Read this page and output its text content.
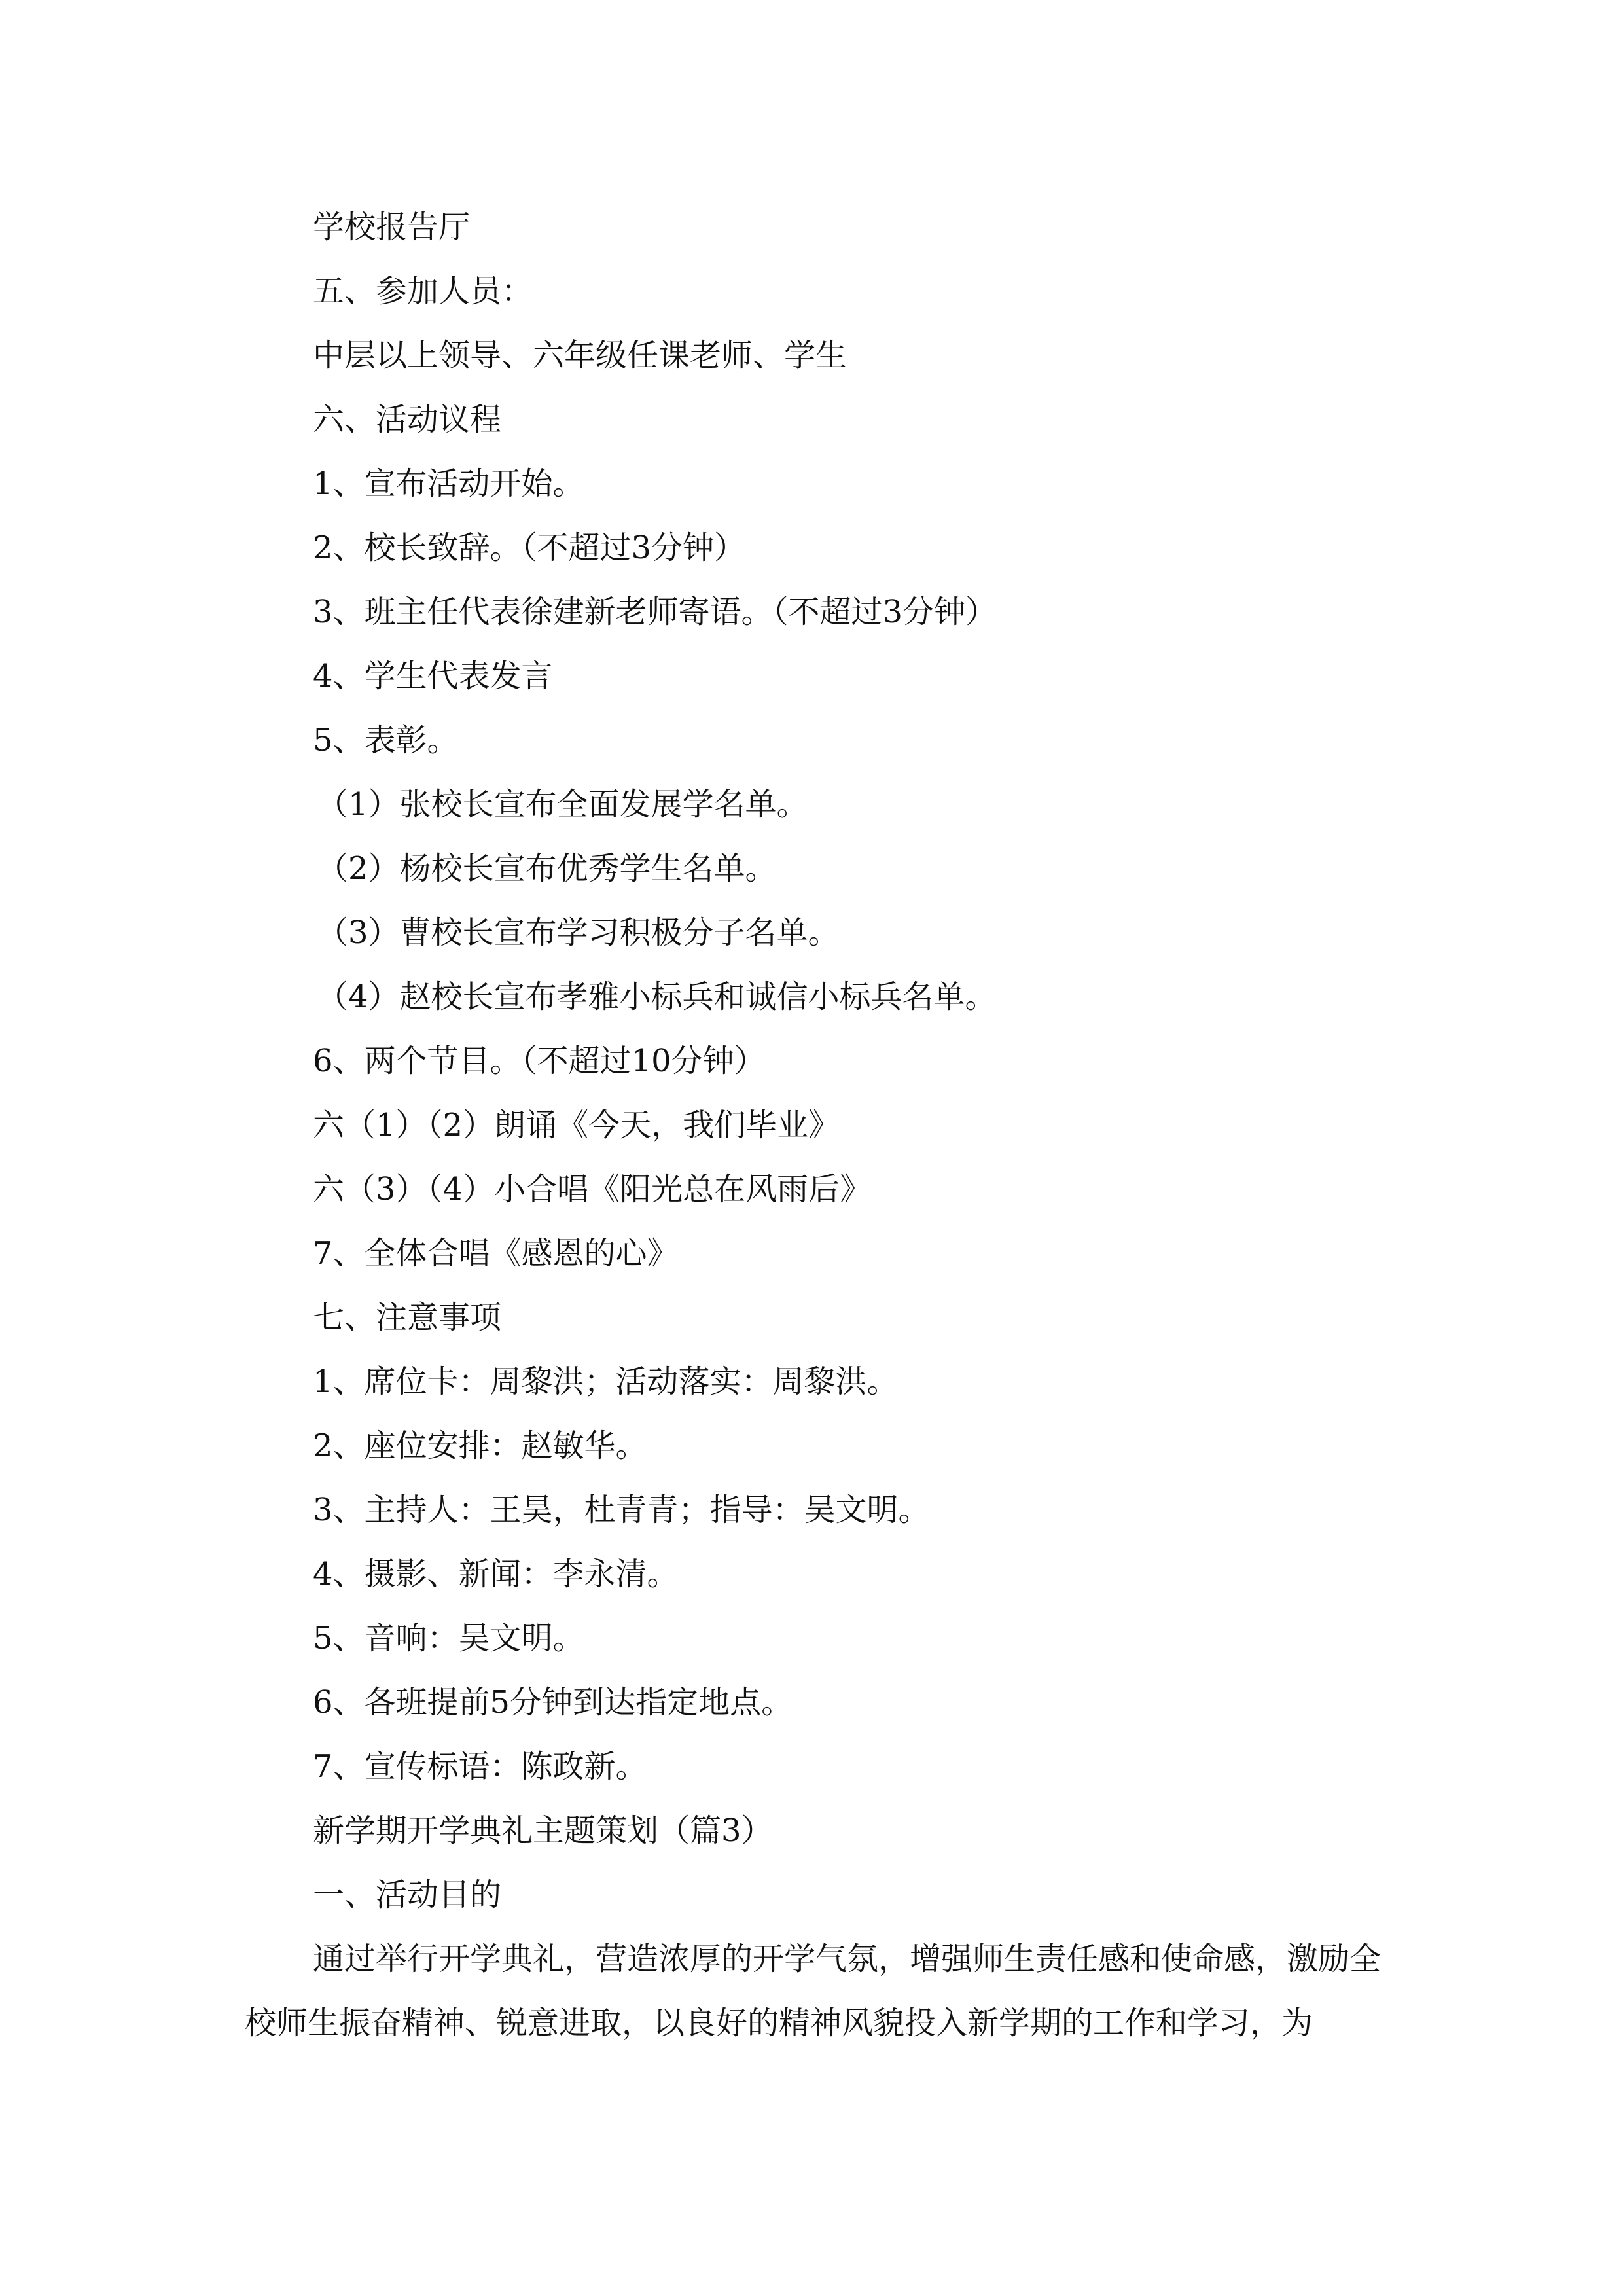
学校报告厅
五、参加人员：
中层以上领导、六年级任课老师、学生
六、活动议程
1、宣布活动开始。
2、校长致辞。（不超过3分钟）
3、班主任代表徐建新老师寄语。（不超过3分钟）
4、学生代表发言
5、表彰。
（1）张校长宣布全面发展学名单。
（2）杨校长宣布优秀学生名单。
（3）曹校长宣布学习积极分子名单。
（4）赵校长宣布孝雅小标兵和诚信小标兵名单。
6、两个节目。（不超过10分钟）
六（1）（2）朗诵《今天，我们毕业》
六（3）（4）小合唱《阳光总在风雨后》
7、全体合唱《感恩的心》
七、注意事项
1、席位卡：周黎洪；活动落实：周黎洪。
2、座位安排：赵敏华。
3、主持人：王昊，杜青青；指导：吴文明。
4、摄影、新闻：李永清。
5、音响：吴文明。
6、各班提前5分钟到达指定地点。
7、宣传标语：陈政新。
新学期开学典礼主题策划（篇3）
一、活动目的
通过举行开学典礼，营造浓厚的开学气氛，增强师生责任感和使命感，激励全校师生振奋精神、锐意进取，以良好的精神风貌投入新学期的工作和学习，为
